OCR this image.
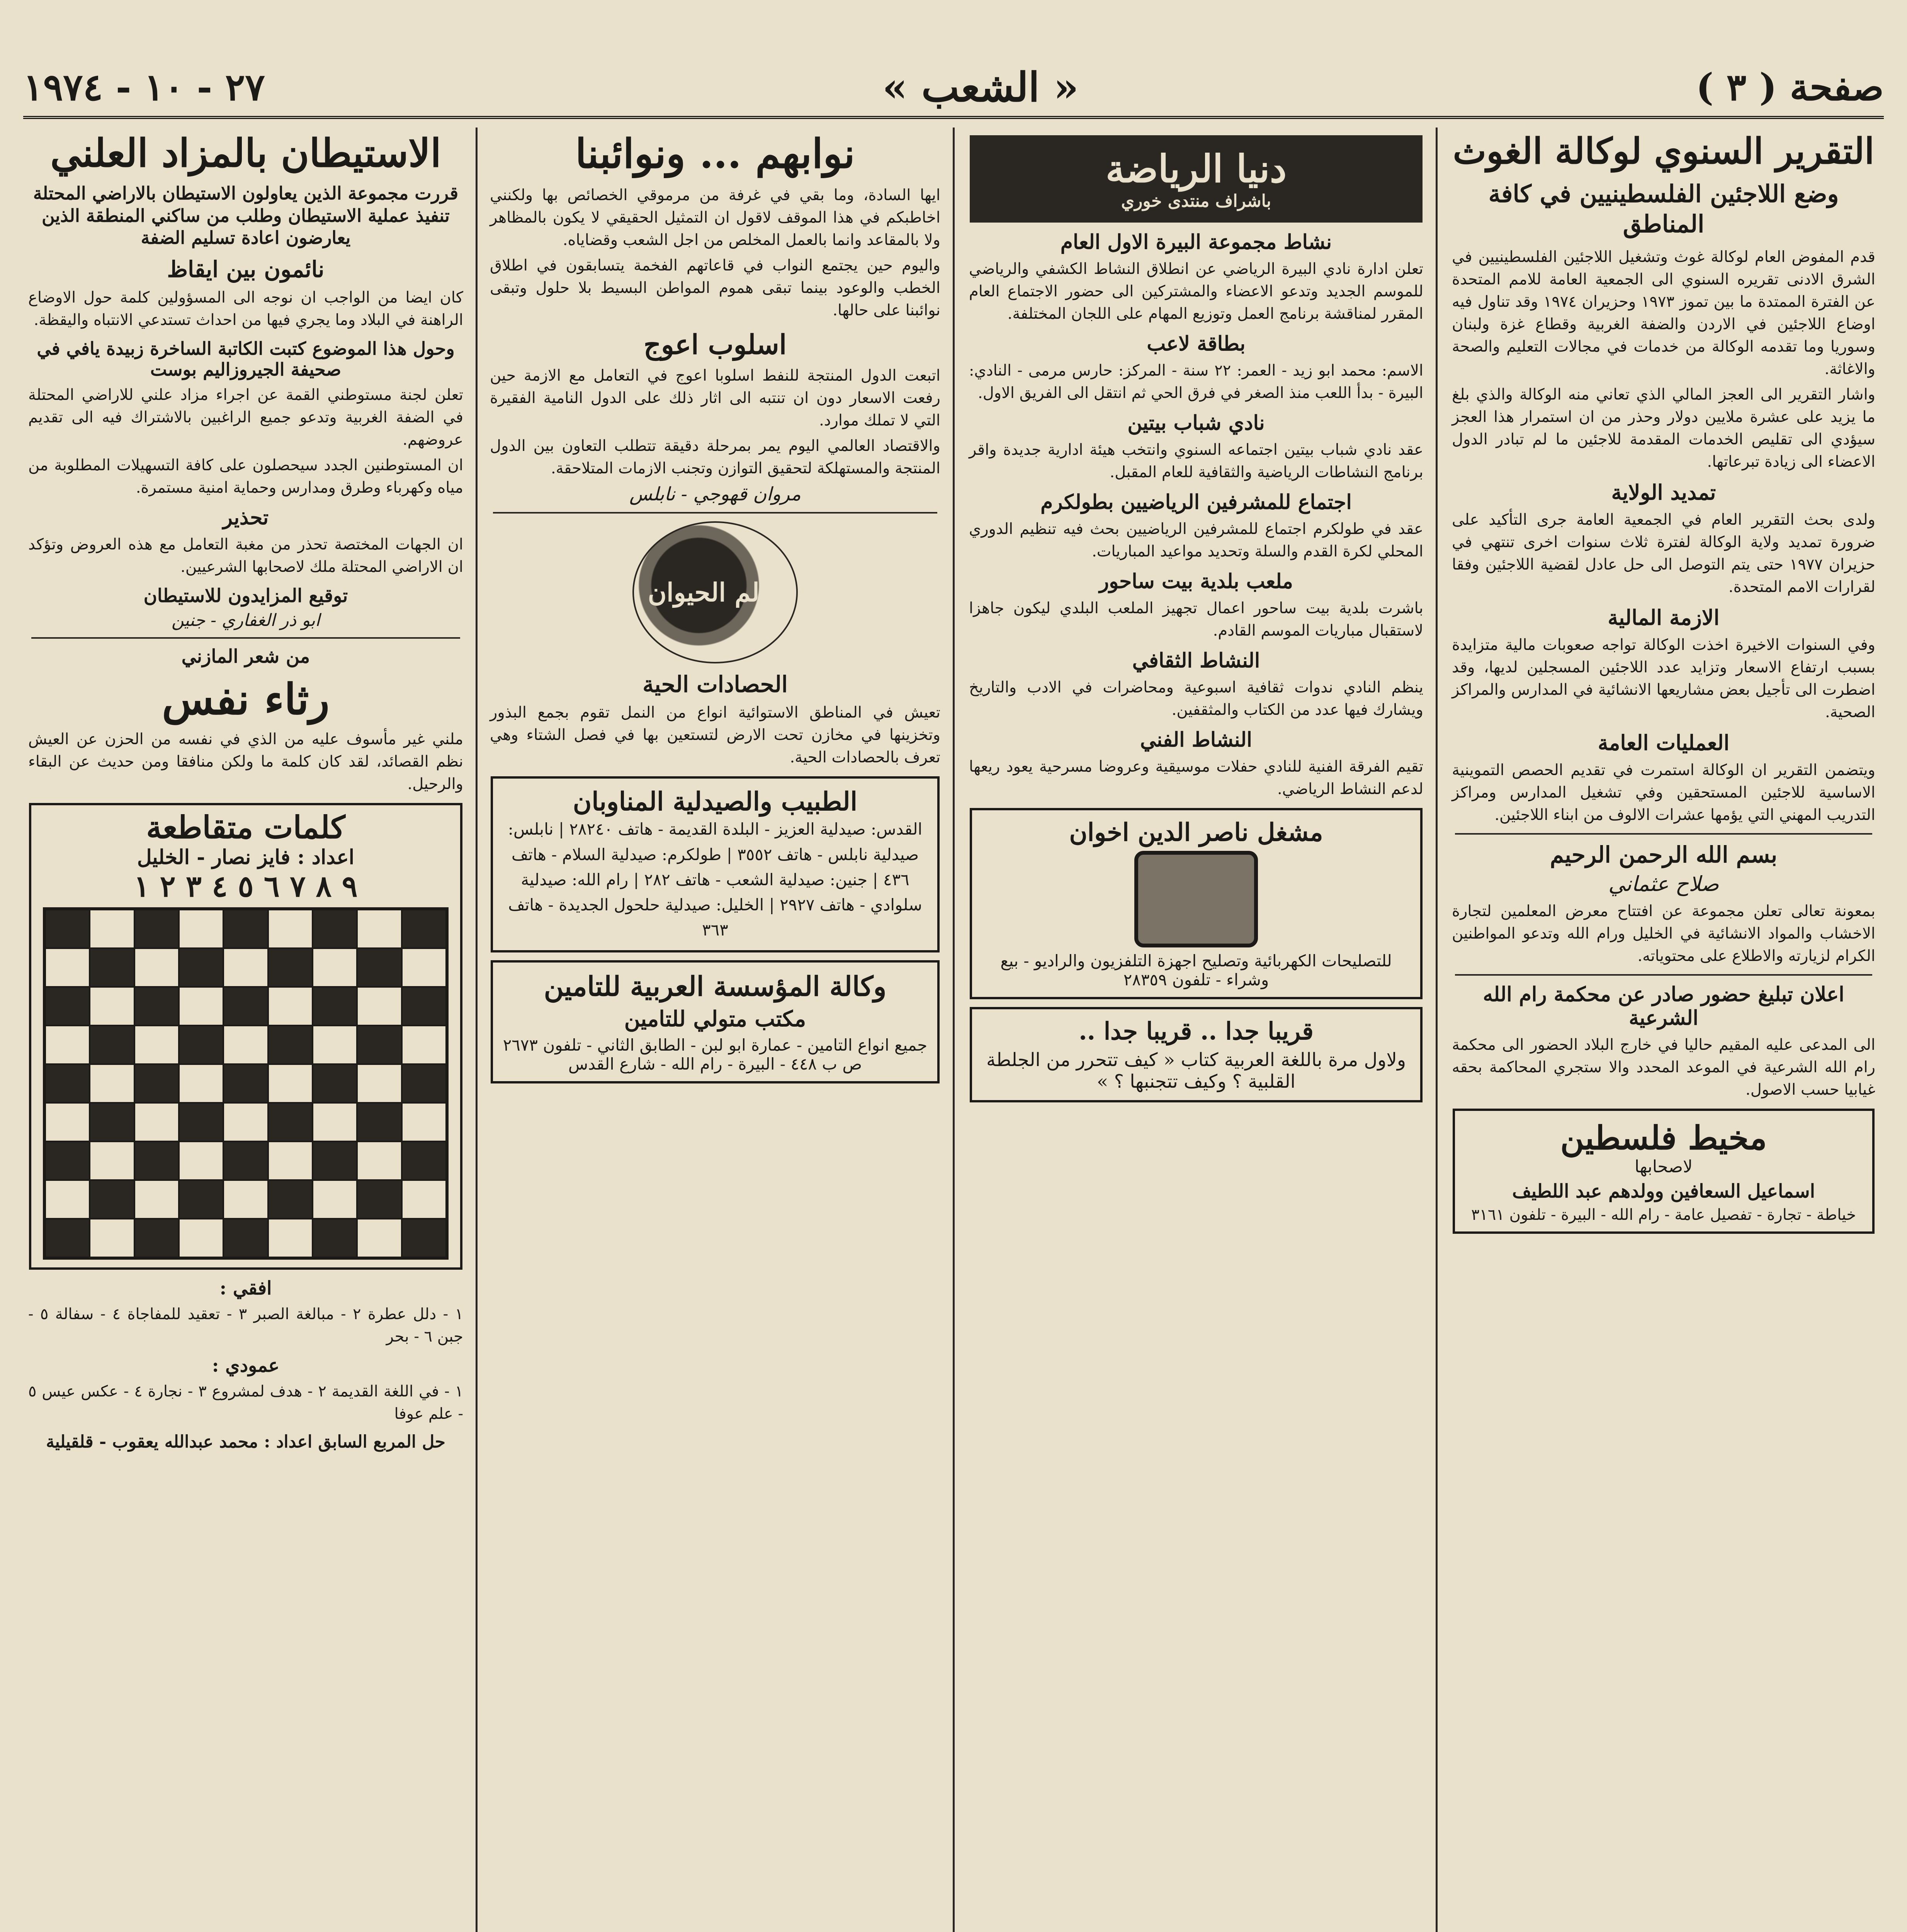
صفحة ( ٣ )
« الشعب »
٢٧ - ١٠ - ١٩٧٤
التقرير السنوي لوكالة الغوث
وضع اللاجئين الفلسطينيين في كافة المناطق

قدم المفوض العام لوكالة غوث وتشغيل اللاجئين الفلسطينيين في الشرق الادنى تقريره السنوي الى الجمعية العامة للامم المتحدة عن الفترة الممتدة ما بين تموز ١٩٧٣ وحزيران ١٩٧٤ وقد تناول فيه اوضاع اللاجئين في الاردن والضفة الغربية وقطاع غزة ولبنان وسوريا وما تقدمه الوكالة من خدمات في مجالات التعليم والصحة والاغاثة.

واشار التقرير الى العجز المالي الذي تعاني منه الوكالة والذي بلغ ما يزيد على عشرة ملايين دولار وحذر من ان استمرار هذا العجز سيؤدي الى تقليص الخدمات المقدمة للاجئين ما لم تبادر الدول الاعضاء الى زيادة تبرعاتها.

تمديد الولاية

ولدى بحث التقرير العام في الجمعية العامة جرى التأكيد على ضرورة تمديد ولاية الوكالة لفترة ثلاث سنوات اخرى تنتهي في حزيران ١٩٧٧ حتى يتم التوصل الى حل عادل لقضية اللاجئين وفقا لقرارات الامم المتحدة.

الازمة المالية

وفي السنوات الاخيرة اخذت الوكالة تواجه صعوبات مالية متزايدة بسبب ارتفاع الاسعار وتزايد عدد اللاجئين المسجلين لديها، وقد اضطرت الى تأجيل بعض مشاريعها الانشائية في المدارس والمراكز الصحية.

العمليات العامة

ويتضمن التقرير ان الوكالة استمرت في تقديم الحصص التموينية الاساسية للاجئين المستحقين وفي تشغيل المدارس ومراكز التدريب المهني التي يؤمها عشرات الالوف من ابناء اللاجئين.

بسم الله الرحمن الرحيم
صلاح عثماني

بمعونة تعالى تعلن مجموعة عن افتتاح معرض المعلمين لتجارة الاخشاب والمواد الانشائية في الخليل ورام الله وتدعو المواطنين الكرام لزيارته والاطلاع على محتوياته.

اعلان تبليغ حضور صادر عن محكمة رام الله الشرعية

الى المدعى عليه المقيم حاليا في خارج البلاد الحضور الى محكمة رام الله الشرعية في الموعد المحدد والا ستجري المحاكمة بحقه غيابيا حسب الاصول.

مخيط فلسطين
لاصحابها
اسماعيل السعافين وولدهم عبد اللطيف
خياطة - تجارة - تفصيل عامة - رام الله - البيرة - تلفون ٣١٦١
دنيا الرياضة
باشراف منتدى خوري
نشاط مجموعة البيرة الاول العام

تعلن ادارة نادي البيرة الرياضي عن انطلاق النشاط الكشفي والرياضي للموسم الجديد وتدعو الاعضاء والمشتركين الى حضور الاجتماع العام المقرر لمناقشة برنامج العمل وتوزيع المهام على اللجان المختلفة.

بطاقة لاعب

الاسم: محمد ابو زيد - العمر: ٢٢ سنة - المركز: حارس مرمى - النادي: البيرة - بدأ اللعب منذ الصغر في فرق الحي ثم انتقل الى الفريق الاول.

نادي شباب بيتين

عقد نادي شباب بيتين اجتماعه السنوي وانتخب هيئة ادارية جديدة واقر برنامج النشاطات الرياضية والثقافية للعام المقبل.

اجتماع للمشرفين الرياضيين بطولكرم

عقد في طولكرم اجتماع للمشرفين الرياضيين بحث فيه تنظيم الدوري المحلي لكرة القدم والسلة وتحديد مواعيد المباريات.

ملعب بلدية بيت ساحور

باشرت بلدية بيت ساحور اعمال تجهيز الملعب البلدي ليكون جاهزا لاستقبال مباريات الموسم القادم.

النشاط الثقافي

ينظم النادي ندوات ثقافية اسبوعية ومحاضرات في الادب والتاريخ ويشارك فيها عدد من الكتاب والمثقفين.

النشاط الفني

تقيم الفرقة الفنية للنادي حفلات موسيقية وعروضا مسرحية يعود ريعها لدعم النشاط الرياضي.

مشغل ناصر الدين اخوان
للتصليحات الكهربائية وتصليح اجهزة التلفزيون والراديو - بيع وشراء - تلفون ٢٨٣٥٩
قريبا جدا .. قريبا جدا ..
ولاول مرة باللغة العربية كتاب « كيف تتحرر من الجلطة القلبية ؟ وكيف تتجنبها ؟ »
نوابهم ... ونوائبنا

ايها السادة، وما بقي في غرفة من مرموقي الخصائص بها ولكنني اخاطبكم في هذا الموقف لاقول ان التمثيل الحقيقي لا يكون بالمظاهر ولا بالمقاعد وانما بالعمل المخلص من اجل الشعب وقضاياه.

واليوم حين يجتمع النواب في قاعاتهم الفخمة يتسابقون في اطلاق الخطب والوعود بينما تبقى هموم المواطن البسيط بلا حلول وتبقى نوائبنا على حالها.

اسلوب اعوج

اتبعت الدول المنتجة للنفط اسلوبا اعوج في التعامل مع الازمة حين رفعت الاسعار دون ان تنتبه الى اثار ذلك على الدول النامية الفقيرة التي لا تملك موارد.

والاقتصاد العالمي اليوم يمر بمرحلة دقيقة تتطلب التعاون بين الدول المنتجة والمستهلكة لتحقيق التوازن وتجنب الازمات المتلاحقة.

مروان قهوجي - نابلس
عالم الحيوان
الحصادات الحية

تعيش في المناطق الاستوائية انواع من النمل تقوم بجمع البذور وتخزينها في مخازن تحت الارض لتستعين بها في فصل الشتاء وهي تعرف بالحصادات الحية.

الطبيب والصيدلية المناوبان
القدس: صيدلية العزيز - البلدة القديمة - هاتف ٢٨٢٤٠ | نابلس: صيدلية نابلس - هاتف ٣٥٥٢ | طولكرم: صيدلية السلام - هاتف ٤٣٦ | جنين: صيدلية الشعب - هاتف ٢٨٢ | رام الله: صيدلية سلوادي - هاتف ٢٩٢٧ | الخليل: صيدلية حلحول الجديدة - هاتف ٣٦٣
وكالة المؤسسة العربية للتامين
مكتب متولي للتامين
جميع انواع التامين - عمارة ابو لبن - الطابق الثاني - تلفون ٢٦٧٣ ص ب ٤٤٨ - البيرة - رام الله - شارع القدس
الاستيطان بالمزاد العلني
قررت مجموعة الذين يعاولون الاستيطان بالاراضي المحتلة تنفيذ عملية الاستيطان وطلب من ساكني المنطقة الذين يعارضون اعادة تسليم الضفة
نائمون بين ايقاظ

كان ايضا من الواجب ان نوجه الى المسؤولين كلمة حول الاوضاع الراهنة في البلاد وما يجري فيها من احداث تستدعي الانتباه واليقظة.

وحول هذا الموضوع كتبت الكاتبة الساخرة زبيدة يافي في صحيفة الجيروزاليم بوست

تعلن لجنة مستوطني القمة عن اجراء مزاد علني للاراضي المحتلة في الضفة الغربية وتدعو جميع الراغبين بالاشتراك فيه الى تقديم عروضهم.

ان المستوطنين الجدد سيحصلون على كافة التسهيلات المطلوبة من مياه وكهرباء وطرق ومدارس وحماية امنية مستمرة.

تحذير

ان الجهات المختصة تحذر من مغبة التعامل مع هذه العروض وتؤكد ان الاراضي المحتلة ملك لاصحابها الشرعيين.

توقيع المزايدون للاستيطان
ابو ذر الغفاري - جنين
من شعر المازني
رثاء نفس

ملني غير مأسوف عليه من الذي في نفسه من الحزن عن العيش نظم القصائد، لقد كان كلمة ما ولكن منافقا ومن حديث عن البقاء والرحيل.

كلمات متقاطعة
اعداد : فايز نصار - الخليل
٩ ٨ ٧ ٦ ٥ ٤ ٣ ٢ ١
افقي :

١ - دلل عطرة ٢ - مبالغة الصبر ٣ - تعقيد للمفاجاة ٤ - سفالة ٥ - جبن ٦ - بحر

عمودي :

١ - في اللغة القديمة ٢ - هدف لمشروع ٣ - نجارة ٤ - عكس عيس ٥ - علم عوفا

حل المربع السابق اعداد : محمد عبدالله يعقوب - قلقيلية
